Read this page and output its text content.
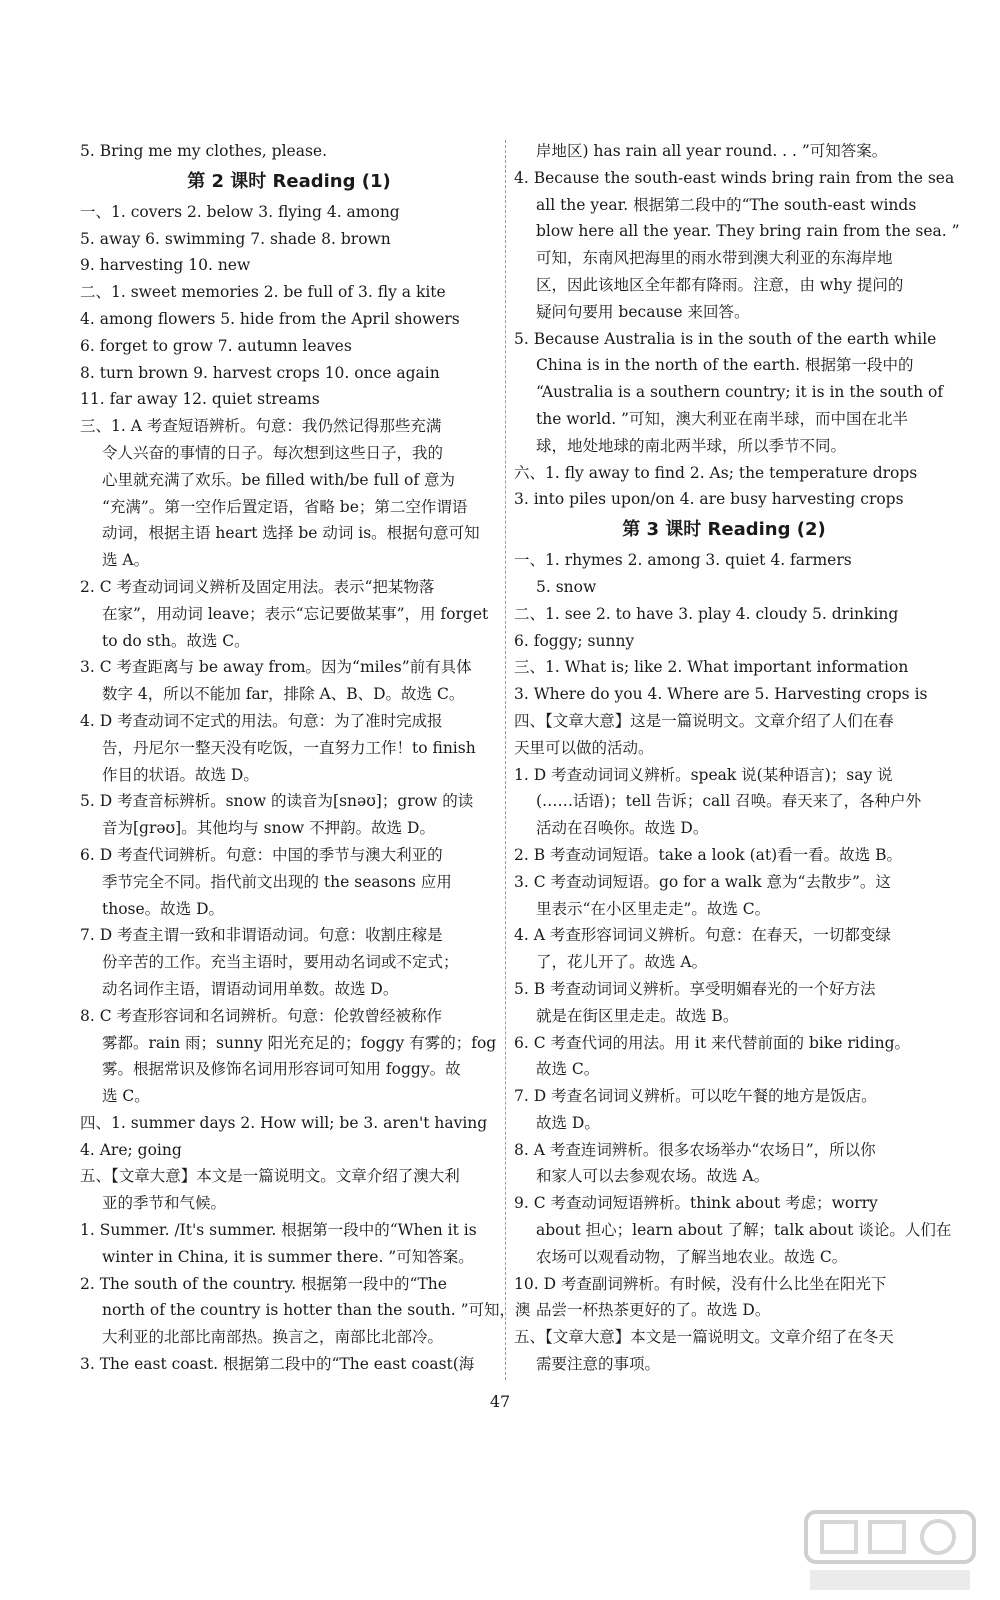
5. Bring me my clothes, please.
第 2 课时 Reading (1)
一、1. covers 2. below 3. flying 4. among
5. away 6. swimming 7. shade 8. brown
9. harvesting 10. new
二、1. sweet memories 2. be full of 3. fly a kite
4. among flowers 5. hide from the April showers
6. forget to grow 7. autumn leaves
8. turn brown 9. harvest crops 10. once again
11. far away 12. quiet streams
三、1. A 考查短语辨析。句意：我仍然记得那些充满
令人兴奋的事情的日子。每次想到这些日子，我的
心里就充满了欢乐。be filled with/be full of 意为
“充满”。第一空作后置定语，省略 be；第二空作谓语
动词，根据主语 heart 选择 be 动词 is。根据句意可知
选 A。
2. C 考查动词词义辨析及固定用法。表示“把某物落
在家”，用动词 leave；表示“忘记要做某事”，用 forget
to do sth。故选 C。
3. C 考查距离与 be away from。因为“miles”前有具体
数字 4，所以不能加 far，排除 A、B、D。故选 C。
4. D 考查动词不定式的用法。句意：为了准时完成报
告，丹尼尔一整天没有吃饭，一直努力工作！to finish
作目的状语。故选 D。
5. D 考查音标辨析。snow 的读音为[snəʊ]；grow 的读
音为[ɡrəʊ]。其他均与 snow 不押韵。故选 D。
6. D 考查代词辨析。句意：中国的季节与澳大利亚的
季节完全不同。指代前文出现的 the seasons 应用
those。故选 D。
7. D 考查主谓一致和非谓语动词。句意：收割庄稼是
份辛苦的工作。充当主语时，要用动名词或不定式；
动名词作主语，谓语动词用单数。故选 D。
8. C 考查形容词和名词辨析。句意：伦敦曾经被称作
雾都。rain 雨；sunny 阳光充足的；foggy 有雾的；fog
雾。根据常识及修饰名词用形容词可知用 foggy。故
选 C。
四、1. summer days 2. How will; be 3. aren't having
4. Are; going
五、【文章大意】本文是一篇说明文。文章介绍了澳大利
亚的季节和气候。
1. Summer. /It's summer. 根据第一段中的“When it is
winter in China, it is summer there. ”可知答案。
2. The south of the country. 根据第一段中的“The
north of the country is hotter than the south. ”可知，澳
大利亚的北部比南部热。换言之，南部比北部冷。
3. The east coast. 根据第二段中的“The east coast(海
岸地区) has rain all year round. . . ”可知答案。
4. Because the south-east winds bring rain from the sea
all the year. 根据第二段中的“The south-east winds
blow here all the year. They bring rain from the sea. ”
可知，东南风把海里的雨水带到澳大利亚的东海岸地
区，因此该地区全年都有降雨。注意，由 why 提问的
疑问句要用 because 来回答。
5. Because Australia is in the south of the earth while
China is in the north of the earth. 根据第一段中的
“Australia is a southern country; it is in the south of
the world. ”可知，澳大利亚在南半球，而中国在北半
球，地处地球的南北两半球，所以季节不同。
六、1. fly away to find 2. As; the temperature drops
3. into piles upon/on 4. are busy harvesting crops
第 3 课时 Reading (2)
一、1. rhymes 2. among 3. quiet 4. farmers
5. snow
二、1. see 2. to have 3. play 4. cloudy 5. drinking
6. foggy; sunny
三、1. What is; like 2. What important information
3. Where do you 4. Where are 5. Harvesting crops is
四、【文章大意】这是一篇说明文。文章介绍了人们在春
天里可以做的活动。
1. D 考查动词词义辨析。speak 说(某种语言)；say 说
(……话语)；tell 告诉；call 召唤。春天来了，各种户外
活动在召唤你。故选 D。
2. B 考查动词短语。take a look (at)看一看。故选 B。
3. C 考查动词短语。go for a walk 意为“去散步”。这
里表示“在小区里走走”。故选 C。
4. A 考查形容词词义辨析。句意：在春天，一切都变绿
了，花儿开了。故选 A。
5. B 考查动词词义辨析。享受明媚春光的一个好方法
就是在街区里走走。故选 B。
6. C 考查代词的用法。用 it 来代替前面的 bike riding。
故选 C。
7. D 考查名词词义辨析。可以吃午餐的地方是饭店。
故选 D。
8. A 考查连词辨析。很多农场举办“农场日”，所以你
和家人可以去参观农场。故选 A。
9. C 考查动词短语辨析。think about 考虑；worry
about 担心；learn about 了解；talk about 谈论。人们在
农场可以观看动物，了解当地农业。故选 C。
10. D 考查副词辨析。有时候，没有什么比坐在阳光下
品尝一杯热茶更好的了。故选 D。
五、【文章大意】本文是一篇说明文。文章介绍了在冬天
需要注意的事项。
47
